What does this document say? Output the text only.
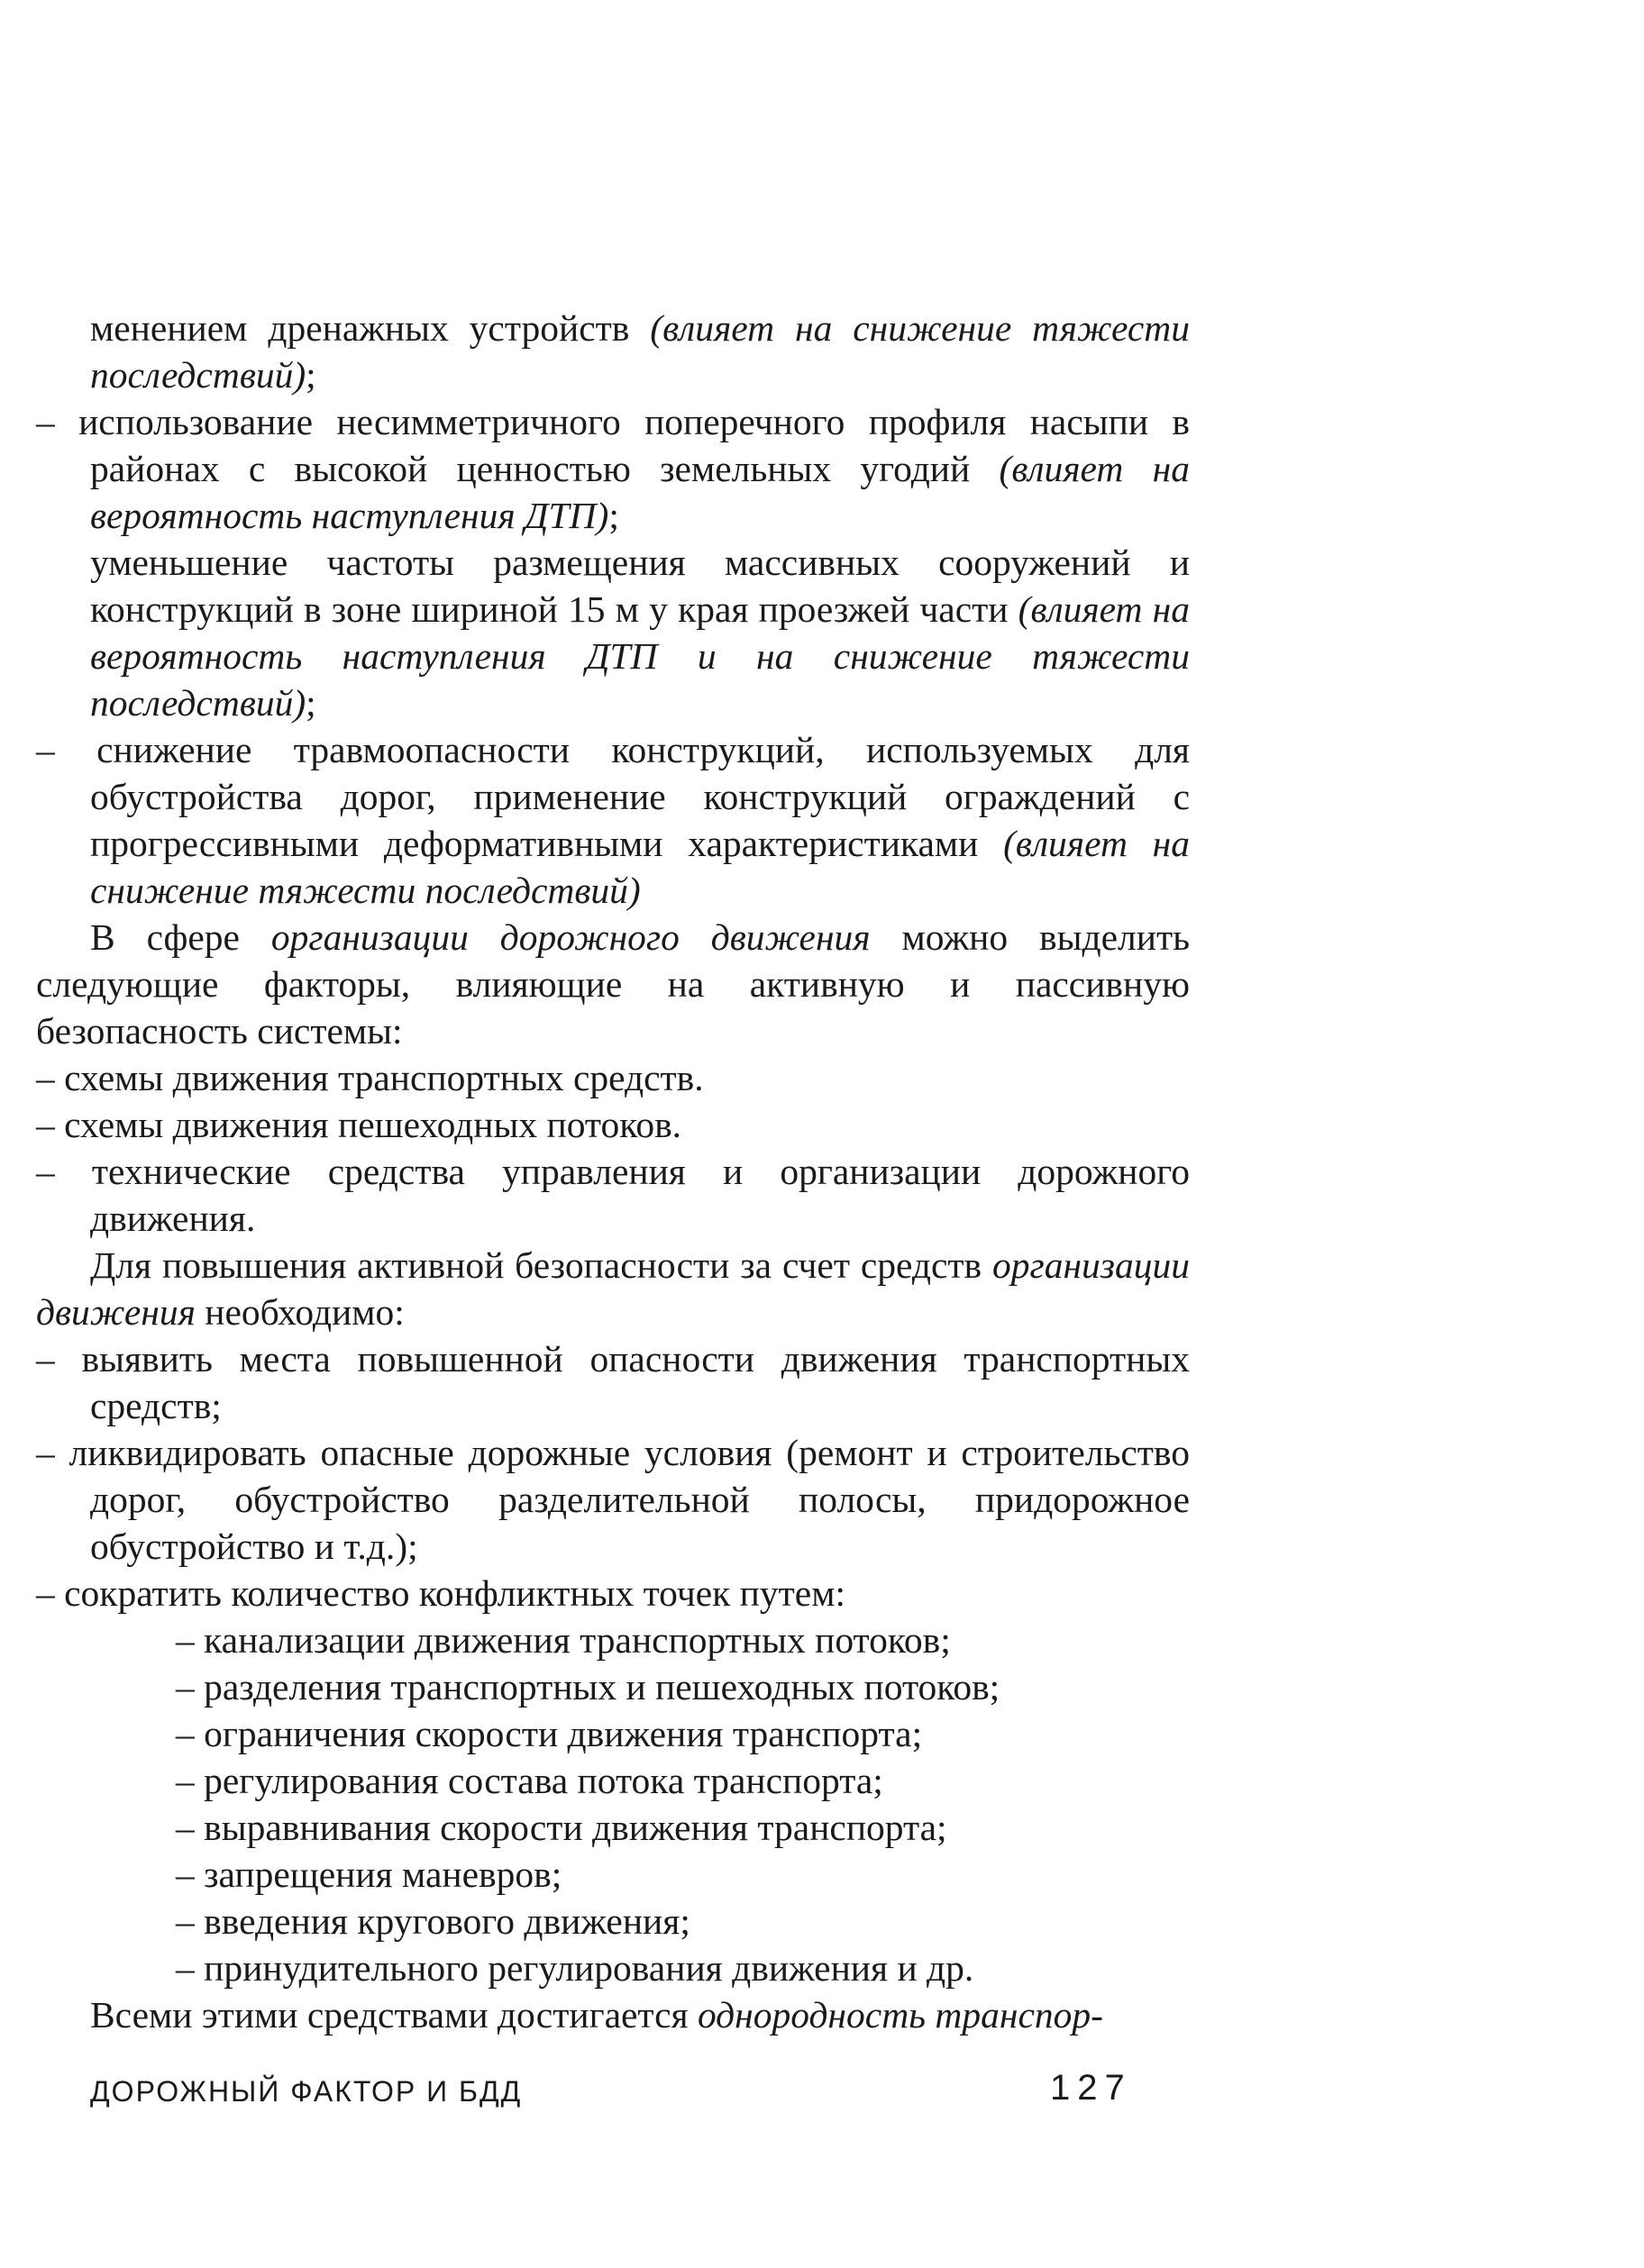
менением дренажных устройств (влияет на снижение тяжести последствий);
– использование несимметричного поперечного профиля насыпи в районах с высокой ценностью земельных угодий (влияет на вероятность наступления ДТП);
уменьшение частоты размещения массивных сооружений и конструкций в зоне шириной 15 м у края проезжей части (влияет на вероятность наступления ДТП и на снижение тяжести последствий);
– снижение травмоопасности конструкций, используемых для обустройства дорог, применение конструкций ограждений с прогрессивными деформативными характеристиками (влияет на снижение тяжести последствий)
В сфере организации дорожного движения можно выделить следующие факторы, влияющие на активную и пассивную безопасность системы:
– схемы движения транспортных средств.
– схемы движения пешеходных потоков.
– технические средства управления и организации дорожного движения.
Для повышения активной безопасности за счет средств организации движения необходимо:
– выявить места повышенной опасности движения транспортных средств;
– ликвидировать опасные дорожные условия (ремонт и строительство дорог, обустройство разделительной полосы, придорожное обустройство и т.д.);
– сократить количество конфликтных точек путем:
– канализации движения транспортных потоков;
– разделения транспортных и пешеходных потоков;
– ограничения скорости движения транспорта;
– регулирования состава потока транспорта;
– выравнивания скорости движения транспорта;
– запрещения маневров;
– введения кругового движения;
– принудительного регулирования движения и др.
Всеми этими средствами достигается однородность транспор-
ДОРОЖНЫЙ ФАКТОР И БДД	127
